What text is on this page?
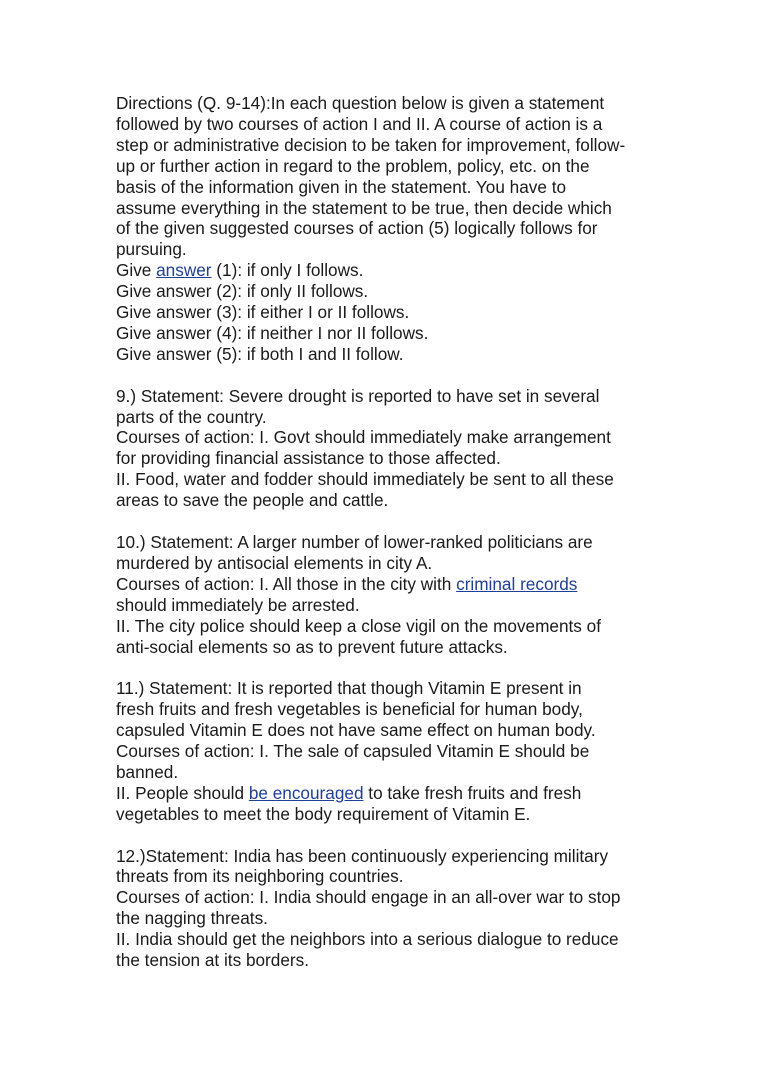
Directions (Q. 9-14):In each question below is given a statement
followed by two courses of action I and II. A course of action is a
step or administrative decision to be taken for improvement, follow-
up or further action in regard to the problem, policy, etc. on the
basis of the information given in the statement. You have to
assume everything in the statement to be true, then decide which
of the given suggested courses of action (5) logically follows for
pursuing.
Give answer (1): if only I follows.
Give answer (2): if only II follows.
Give answer (3): if either I or II follows.
Give answer (4): if neither I nor II follows.
Give answer (5): if both I and II follow.
9.) Statement: Severe drought is reported to have set in several
parts of the country.
Courses of action: I. Govt should immediately make arrangement
for providing financial assistance to those affected.
II. Food, water and fodder should immediately be sent to all these
areas to save the people and cattle.
10.) Statement: A larger number of lower-ranked politicians are
murdered by antisocial elements in city A.
Courses of action: I. All those in the city with criminal records
should immediately be arrested.
II. The city police should keep a close vigil on the movements of
anti-social elements so as to prevent future attacks.
11.) Statement: It is reported that though Vitamin E present in
fresh fruits and fresh vegetables is beneficial for human body,
capsuled Vitamin E does not have same effect on human body.
Courses of action: I. The sale of capsuled Vitamin E should be
banned.
II. People should be encouraged to take fresh fruits and fresh
vegetables to meet the body requirement of Vitamin E.
12.)Statement: India has been continuously experiencing military
threats from its neighboring countries.
Courses of action: I. India should engage in an all-over war to stop
the nagging threats.
II. India should get the neighbors into a serious dialogue to reduce
the tension at its borders.
